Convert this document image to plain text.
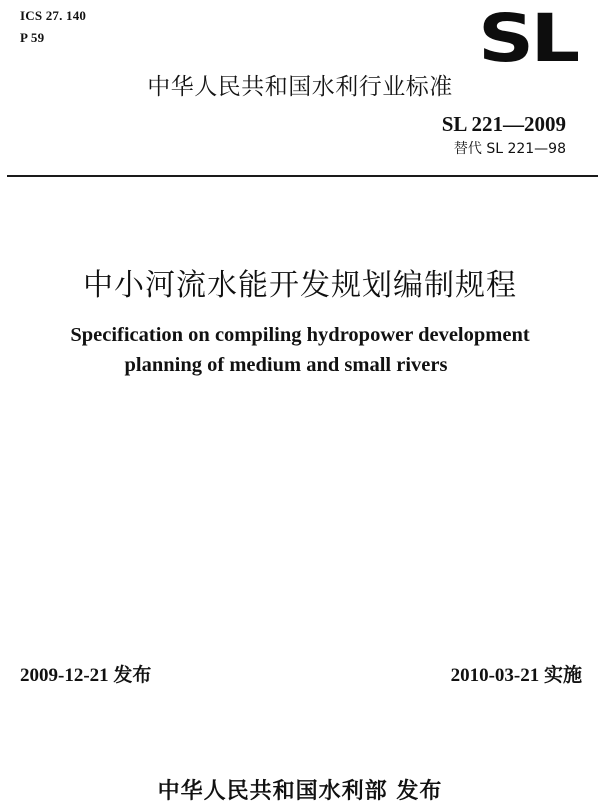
ICS 27. 140
P 59	SL
中华人民共和国水利行业标准
SL 221—2009
替代 SL 221—98
中小河流水能开发规划编制规程
Specification on compiling hydropower development
planning of medium and small rivers
2009-12-21 发布	2010-03-21 实施
中华人民共和国水利部 发布
